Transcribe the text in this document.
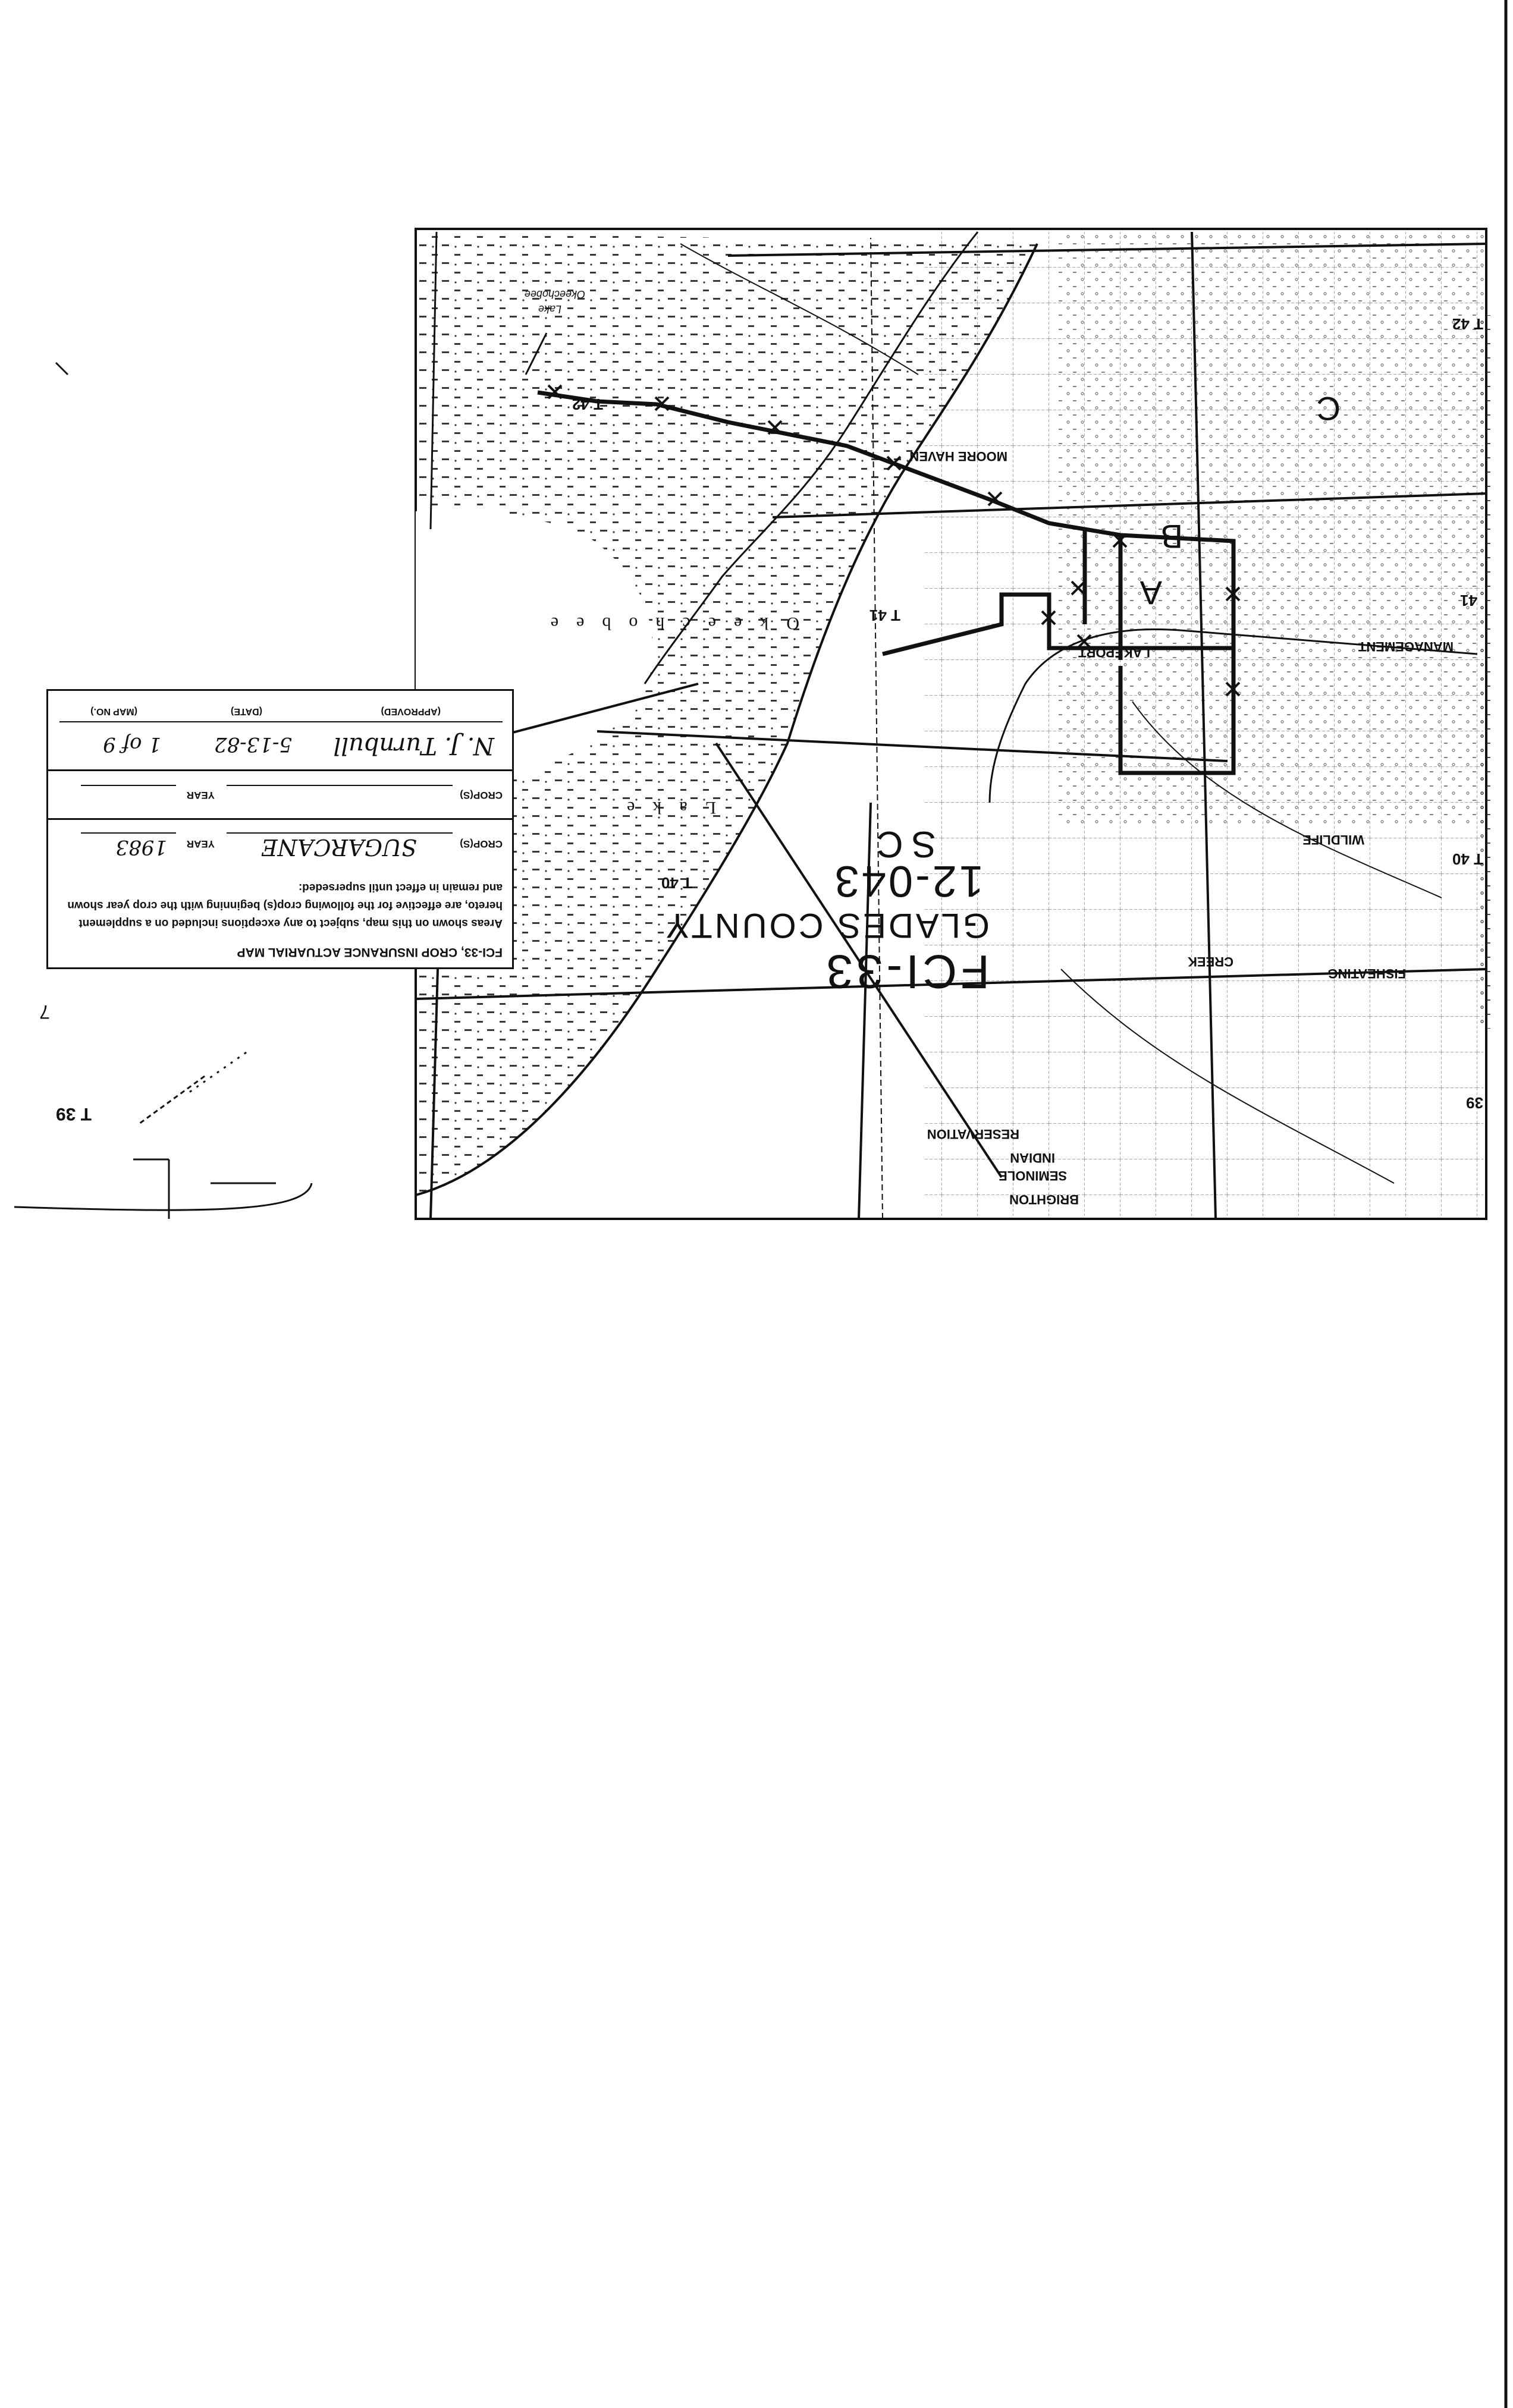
Lake
Okeechobee
Lake
Okeechobee
GLADES COUNTY
FCI-33
12-043
SC
A
B
C
T 39
T 40
T 40
T 41
T 42
T 42
39
41
MOORE HAVEN
BRIGHTON
SEMINOLE
INDIAN
RESERVATION
FISHEATING
CREEK
WILDLIFE
MANAGEMENT
LAKEPORT
7
FCI-33, CROP INSURANCE ACTUARIAL MAP
Areas shown on this map, subject to any exceptions included on a supplement hereto, are effective for the following crop(s) beginning with the crop year shown and remain in effect until superseded:
CROP(S)
SUGARCANE
YEAR
1983
CROP(S)
YEAR
N. J. Turnbull
5-13-82
1 of 9
(APPROVED)
(DATE)
(MAP NO.)
